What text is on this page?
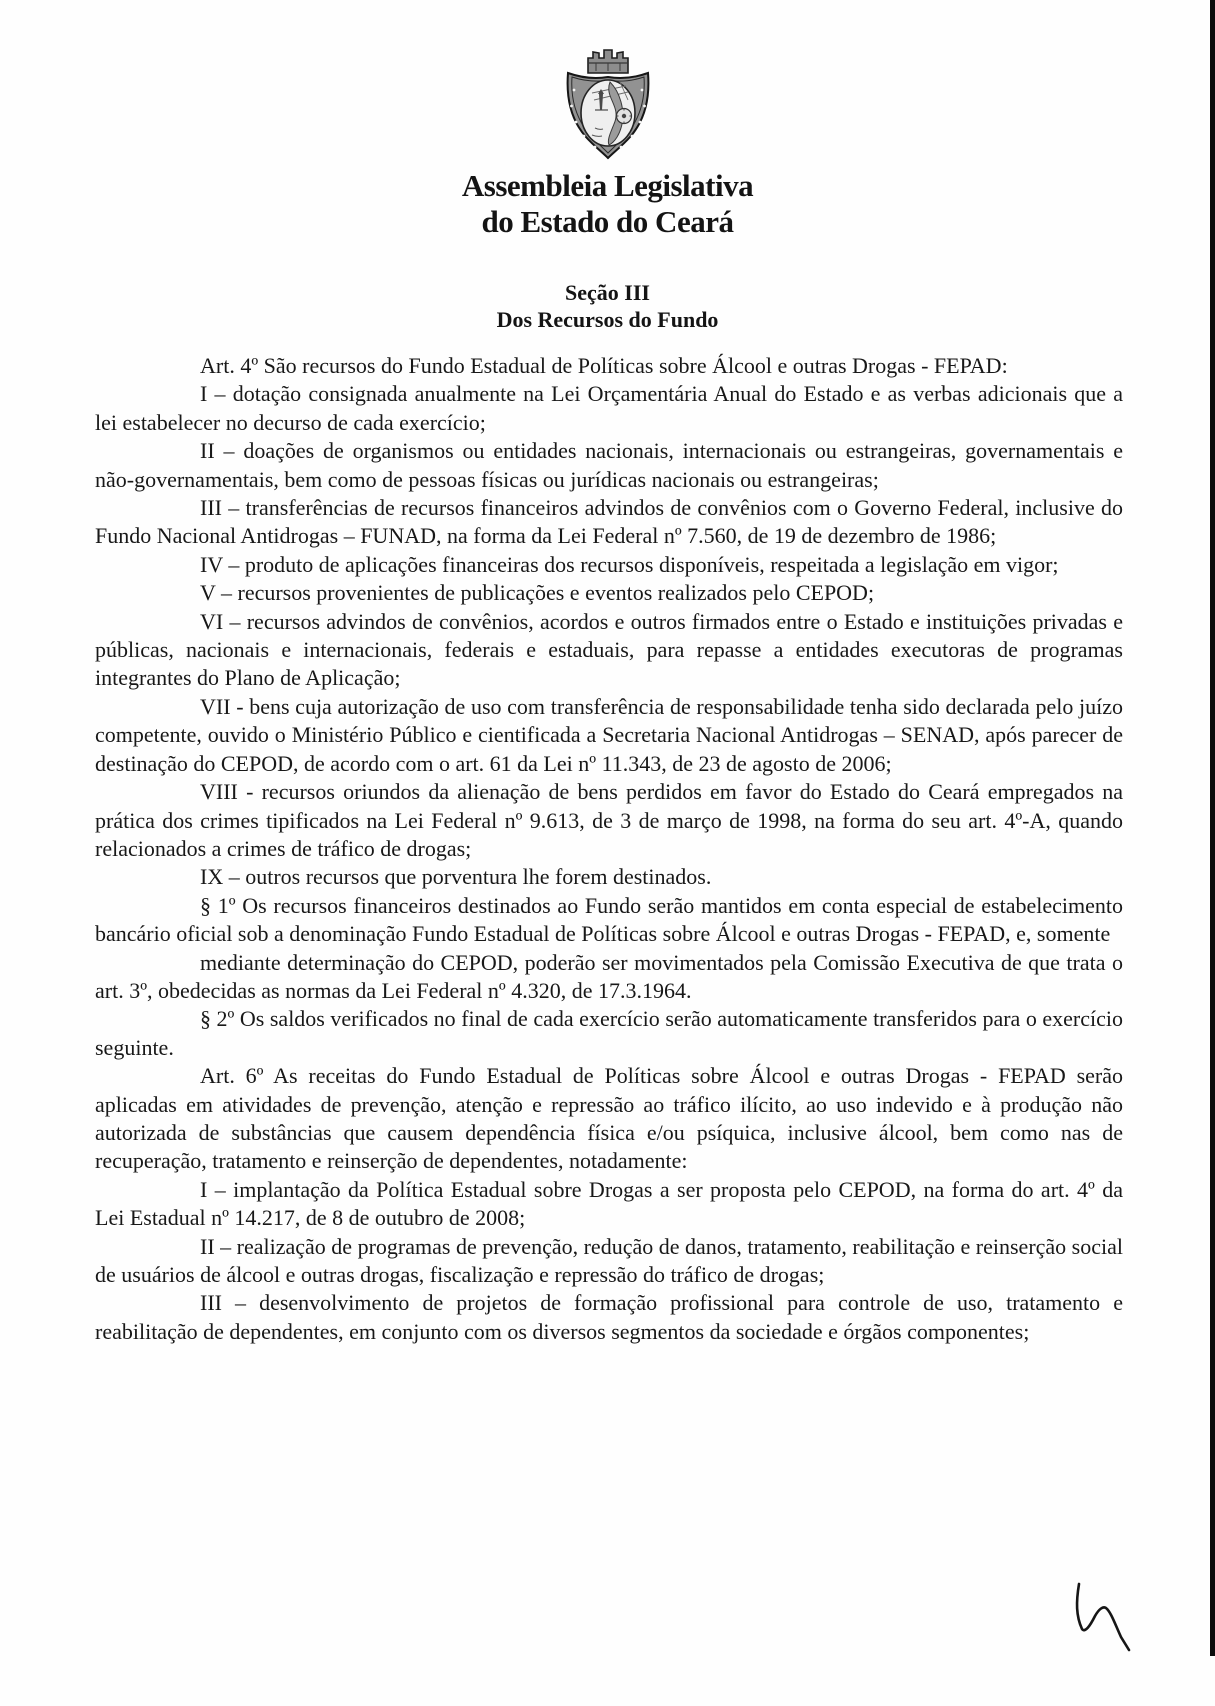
Assembleia Legislativa
do Estado do Ceará
Seção III
Dos Recursos do Fundo

Art. 4º São recursos do Fundo Estadual de Políticas sobre Álcool e outras Drogas - FEPAD:

I – dotação consignada anualmente na Lei Orçamentária Anual do Estado e as verbas adicionais que a lei estabelecer no decurso de cada exercício;

II – doações de organismos ou entidades nacionais, internacionais ou estrangeiras, governamentais e não-governamentais, bem como de pessoas físicas ou jurídicas nacionais ou estrangeiras;

III – transferências de recursos financeiros advindos de convênios com o Governo Federal, inclusive do Fundo Nacional Antidrogas – FUNAD, na forma da Lei Federal nº 7.560, de 19 de dezembro de 1986;

IV – produto de aplicações financeiras dos recursos disponíveis, respeitada a legislação em vigor;

V – recursos provenientes de publicações e eventos realizados pelo CEPOD;

VI – recursos advindos de convênios, acordos e outros firmados entre o Estado e instituições privadas e públicas, nacionais e internacionais, federais e estaduais, para repasse a entidades executoras de programas integrantes do Plano de Aplicação;

VII - bens cuja autorização de uso com transferência de responsabilidade tenha sido declarada pelo juízo competente, ouvido o Ministério Público e cientificada a Secretaria Nacional Antidrogas – SENAD, após parecer de destinação do CEPOD, de acordo com o art. 61 da Lei nº 11.343, de 23 de agosto de 2006;

VIII - recursos oriundos da alienação de bens perdidos em favor do Estado do Ceará empregados na prática dos crimes tipificados na Lei Federal nº 9.613, de 3 de março de 1998, na forma do seu art. 4º-A, quando relacionados a crimes de tráfico de drogas;

IX – outros recursos que porventura lhe forem destinados.

§ 1º Os recursos financeiros destinados ao Fundo serão mantidos em conta especial de estabelecimento bancário oficial sob a denominação Fundo Estadual de Políticas sobre Álcool e outras Drogas - FEPAD, e, somente

mediante determinação do CEPOD, poderão ser movimentados pela Comissão Executiva de que trata o art. 3º, obedecidas as normas da Lei Federal nº 4.320, de 17.3.1964.

§ 2º Os saldos verificados no final de cada exercício serão automaticamente transferidos para o exercício seguinte.

Art. 6º As receitas do Fundo Estadual de Políticas sobre Álcool e outras Drogas - FEPAD serão aplicadas em atividades de prevenção, atenção e repressão ao tráfico ilícito, ao uso indevido e à produção não autorizada de substâncias que causem dependência física e/ou psíquica, inclusive álcool, bem como nas de recuperação, tratamento e reinserção de dependentes, notadamente:

I – implantação da Política Estadual sobre Drogas a ser proposta pelo CEPOD, na forma do art. 4º da Lei Estadual nº 14.217, de 8 de outubro de 2008;

II – realização de programas de prevenção, redução de danos, tratamento, reabilitação e reinserção social de usuários de álcool e outras drogas, fiscalização e repressão do tráfico de drogas;

III – desenvolvimento de projetos de formação profissional para controle de uso, tratamento e reabilitação de dependentes, em conjunto com os diversos segmentos da sociedade e órgãos componentes;
